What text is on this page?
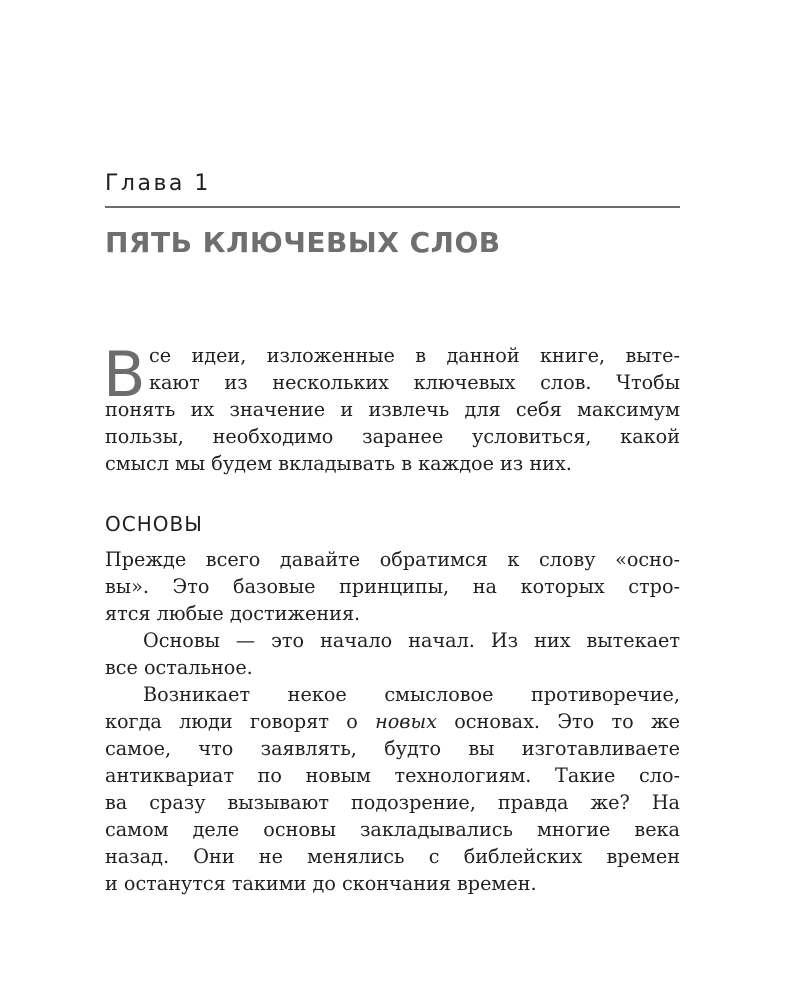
Глава 1
ПЯТЬ КЛЮЧЕВЫХ СЛОВ
В се идеи, изложенные в данной книге, выте-
кают из нескольких ключевых слов. Чтобы
понять их значение и извлечь для себя максимум
пользы, необходимо заранее условиться, какой
смысл мы будем вкладывать в каждое из них.
ОСНОВЫ
Прежде всего давайте обратимся к слову «осно-
вы». Это базовые принципы, на которых стро-
ятся любые достижения.
Основы — это начало начал. Из них вытекает
все остальное.
Возникает некое смысловое противоречие,
когда люди говорят о новых основах. Это то же
самое, что заявлять, будто вы изготавливаете
антиквариат по новым технологиям. Такие сло-
ва сразу вызывают подозрение, правда же? На
самом деле основы закладывались многие века
назад. Они не менялись с библейских времен
и останутся такими до скончания времен.
